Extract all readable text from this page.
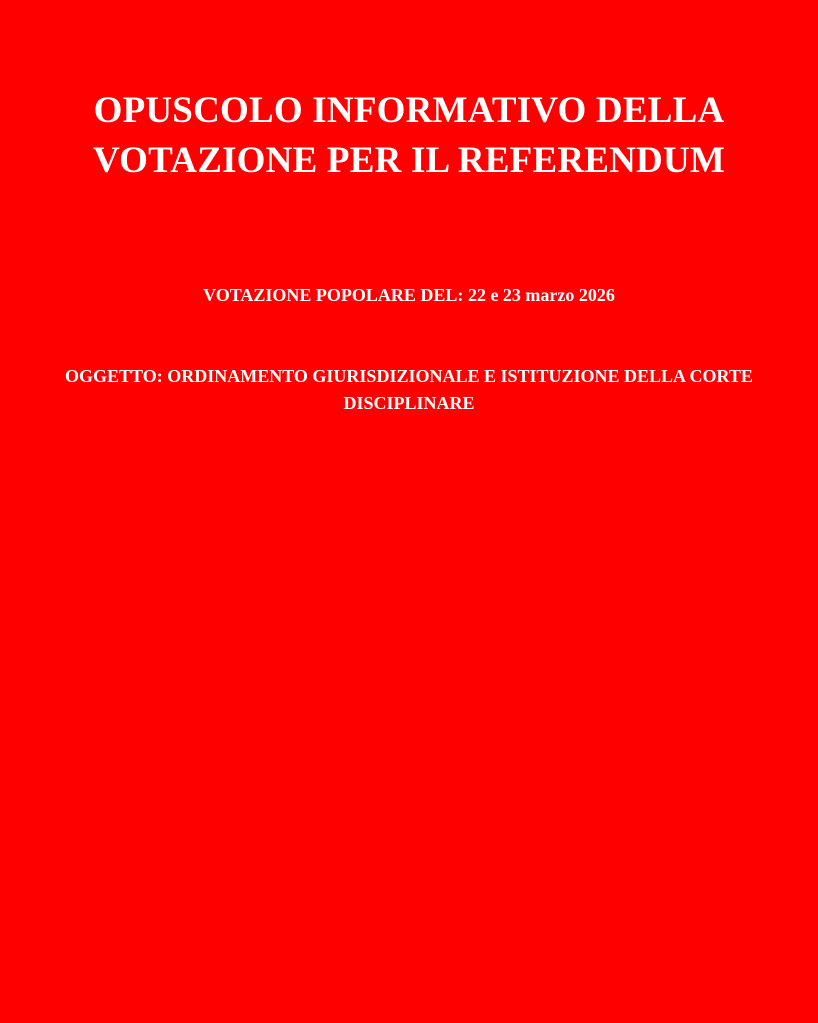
OPUSCOLO INFORMATIVO DELLA
VOTAZIONE PER IL REFERENDUM

VOTAZIONE POPOLARE DEL: 22 e 23 marzo 2026

OGGETTO: ORDINAMENTO GIURISDIZIONALE E ISTITUZIONE DELLA CORTE DISCIPLINARE
